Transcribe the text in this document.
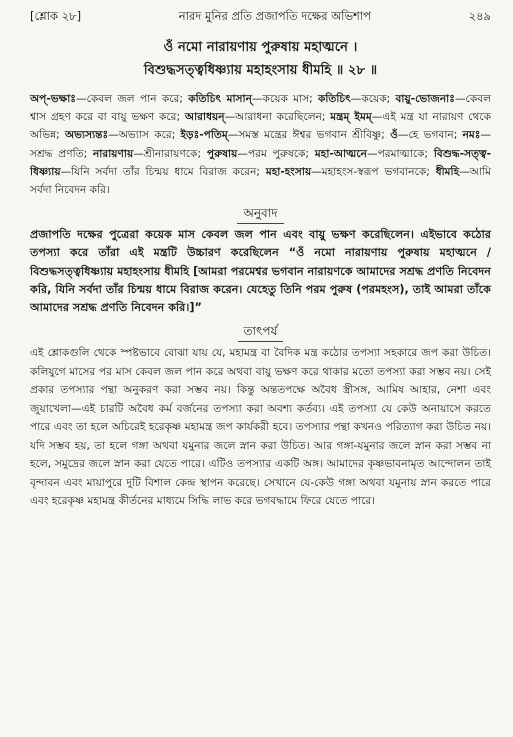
[শ্লোক ২৮]	নারদ মুনির প্রতি প্রজাপতি দক্ষের অভিশাপ	২৪৯
ওঁ নমো নারায়ণায় পুরুষায় মহাত্মনে ।
বিশুদ্ধসত্ত্বধিষ্ণ্যায় মহাহংসায় ধীমহি ॥ ২৮ ॥

অপ্‌-ভক্ষাঃ—কেবল জল পান করে; কতিচিৎ মাসান্‌—কয়েক মাস; কতিচিৎ—কয়েক; বায়ু-ভোজনাঃ—কেবল শ্বাস গ্রহণ করে বা বায়ু ভক্ষণ করে; আরাধয়ন্‌—আরাধনা করেছিলেন; মন্ত্রম্‌ ইমম্‌—এই মন্ত্র যা নারায়ণ থেকে অভিন্ন; অভ্যস্যন্তঃ—অভ্যাস করে; ইড়ঃ-পতিম্‌—সমস্ত মন্ত্রের ঈশ্বর ভগবান শ্রীবিষ্ণু; ওঁ—হে ভগবান; নমঃ—সশ্রদ্ধ প্রণতি; নারায়ণায়—শ্রীনারায়ণকে; পুরুষায়—পরম পুরুষকে; মহা-আত্মনে—পরমাত্মাকে; বিশুদ্ধ-সত্ত্ব-ধিষ্ণ্যায়—যিনি সর্বদা তাঁর চিন্ময় ধামে বিরাজ করেন; মহা-হংসায়—মহাহংস-স্বরূপ ভগবানকে; ধীমহি—আমি সর্বদা নিবেদন করি।

অনুবাদ

প্রজাপতি দক্ষের পুত্রেরা কয়েক মাস কেবল জল পান এবং বায়ু ভক্ষণ করেছিলেন। এইভাবে কঠোর তপস্যা করে তাঁরা এই মন্ত্রটি উচ্চারণ করেছিলেন “ওঁ নমো নারায়ণায় পুরুষায় মহাত্মনে / বিশুদ্ধসত্ত্বধিষ্ণ্যায় মহাহংসায় ধীমহি [আমরা পরমেশ্বর ভগবান নারায়ণকে আমাদের সশ্রদ্ধ প্রণতি নিবেদন করি, যিনি সর্বদা তাঁর চিন্ময় ধামে বিরাজ করেন। যেহেতু তিনি পরম পুরুষ (পরমহংস), তাই আমরা তাঁকে আমাদের সশ্রদ্ধ প্রণতি নিবেদন করি।]”

তাৎপর্য

এই শ্লোকগুলি থেকে স্পষ্টভাবে বোঝা যায় যে, মহামন্ত্র বা বৈদিক মন্ত্র কঠোর তপস্যা সহকারে জপ করা উচিত। কলিযুগে মাসের পর মাস কেবল জল পান করে অথবা বায়ু ভক্ষণ করে থাকার মতো তপস্যা করা সম্ভব নয়। সেই প্রকার তপস্যার পন্থা অনুকরণ করা সম্ভব নয়। কিন্তু অন্ততপক্ষে অবৈধ স্ত্রীসঙ্গ, আমিষ আহার, নেশা এবং জুয়াখেলা—এই চারটি অবৈধ কর্ম বর্জনের তপস্যা করা অবশ্য কর্তব্য। এই তপস্যা যে কেউ অনায়াসে করতে পারে এবং তা হলে অচিরেই হরেকৃষ্ণ মহামন্ত্র জপ কার্যকরী হবে। তপস্যার পন্থা কখনও পরিত্যাগ করা উচিত নয়। যদি সম্ভব হয়, তা হলে গঙ্গা অথবা যমুনার জলে স্নান করা উচিত। আর গঙ্গা-যমুনার জলে স্নান করা সম্ভব না হলে, সমুদ্রের জলে স্নান করা যেতে পারে। এটিও তপস্যার একটি অঙ্গ। আমাদের কৃষ্ণভাবনামৃত আন্দোলন তাই বৃন্দাবন এবং মায়াপুরে দুটি বিশাল কেন্দ্র স্থাপন করেছে। সেখানে যে-কেউ গঙ্গা অথবা যমুনায় স্নান করতে পারে এবং হরেকৃষ্ণ মহামন্ত্র কীর্তনের মাধ্যমে সিদ্ধি লাভ করে ভগবদ্ধামে ফিরে যেতে পারে।
